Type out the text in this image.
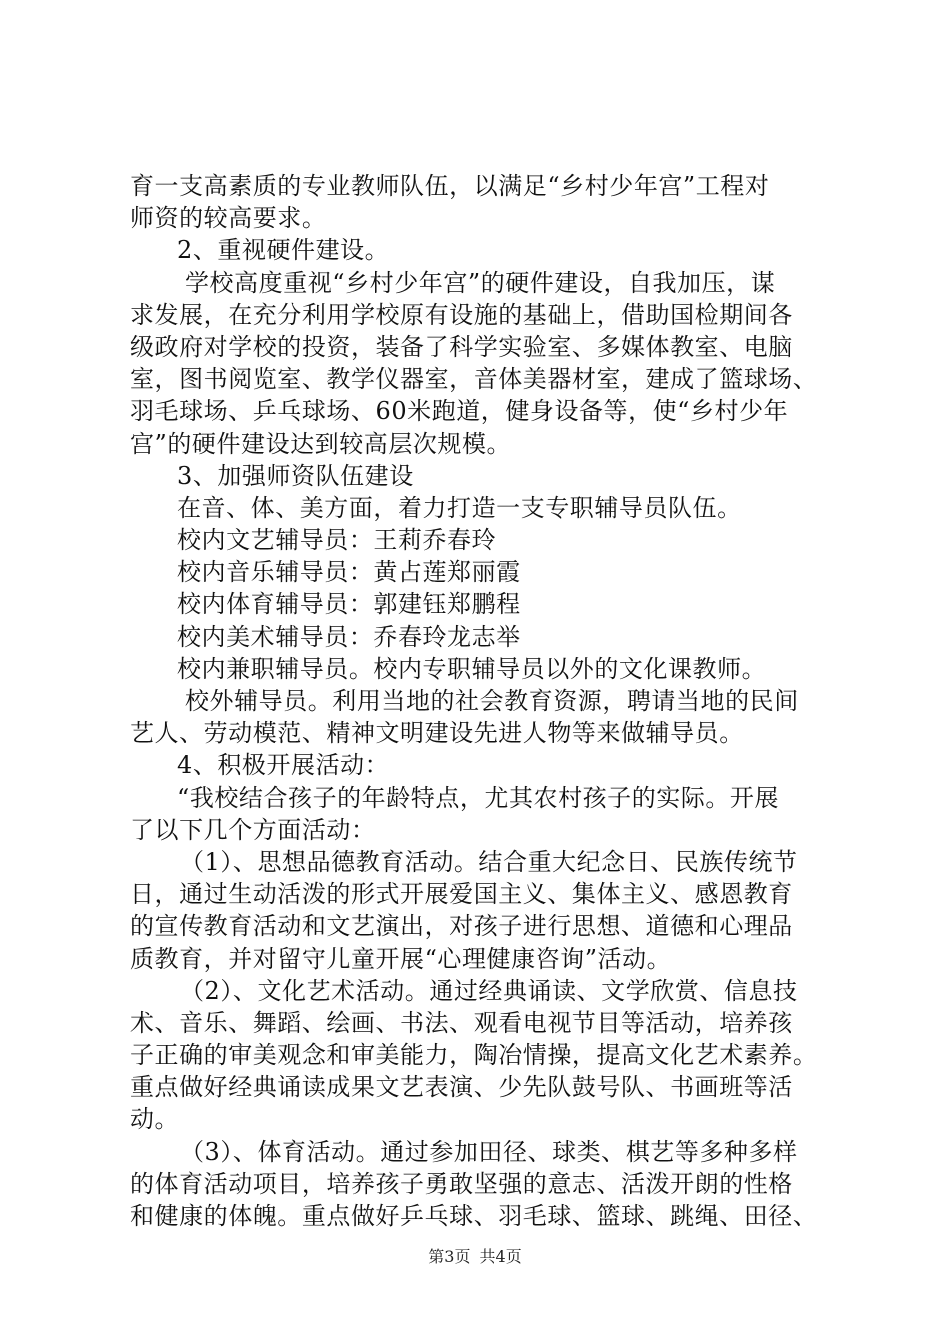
育一支高素质的专业教师队伍，以满足“乡村少年宫”工程对
师资的较高要求。
2、重视硬件建设。
学校高度重视“乡村少年宫”的硬件建设，自我加压，谋
求发展，在充分利用学校原有设施的基础上，借助国检期间各
级政府对学校的投资，装备了科学实验室、多媒体教室、电脑
室，图书阅览室、教学仪器室，音体美器材室，建成了篮球场、
羽毛球场、乒乓球场、60米跑道，健身设备等，使“乡村少年
宫”的硬件建设达到较高层次规模。
3、加强师资队伍建设
在音、体、美方面，着力打造一支专职辅导员队伍。
校内文艺辅导员：王莉乔春玲
校内音乐辅导员：黄占莲郑丽霞
校内体育辅导员：郭建钰郑鹏程
校内美术辅导员：乔春玲龙志举
校内兼职辅导员。校内专职辅导员以外的文化课教师。
校外辅导员。利用当地的社会教育资源，聘请当地的民间
艺人、劳动模范、精神文明建设先进人物等来做辅导员。
4、积极开展活动：
“我校结合孩子的年龄特点，尤其农村孩子的实际。开展
了以下几个方面活动：
（1）、思想品德教育活动。结合重大纪念日、民族传统节
日，通过生动活泼的形式开展爱国主义、集体主义、感恩教育
的宣传教育活动和文艺演出，对孩子进行思想、道德和心理品
质教育，并对留守儿童开展“心理健康咨询”活动。
（2）、文化艺术活动。通过经典诵读、文学欣赏、信息技
术、音乐、舞蹈、绘画、书法、观看电视节目等活动，培养孩
子正确的审美观念和审美能力，陶冶情操，提高文化艺术素养。
重点做好经典诵读成果文艺表演、少先队鼓号队、书画班等活
动。
（3）、体育活动。通过参加田径、球类、棋艺等多种多样
的体育活动项目，培养孩子勇敢坚强的意志、活泼开朗的性格
和健康的体魄。重点做好乒乓球、羽毛球、篮球、跳绳、田径、
第3页 共4页
